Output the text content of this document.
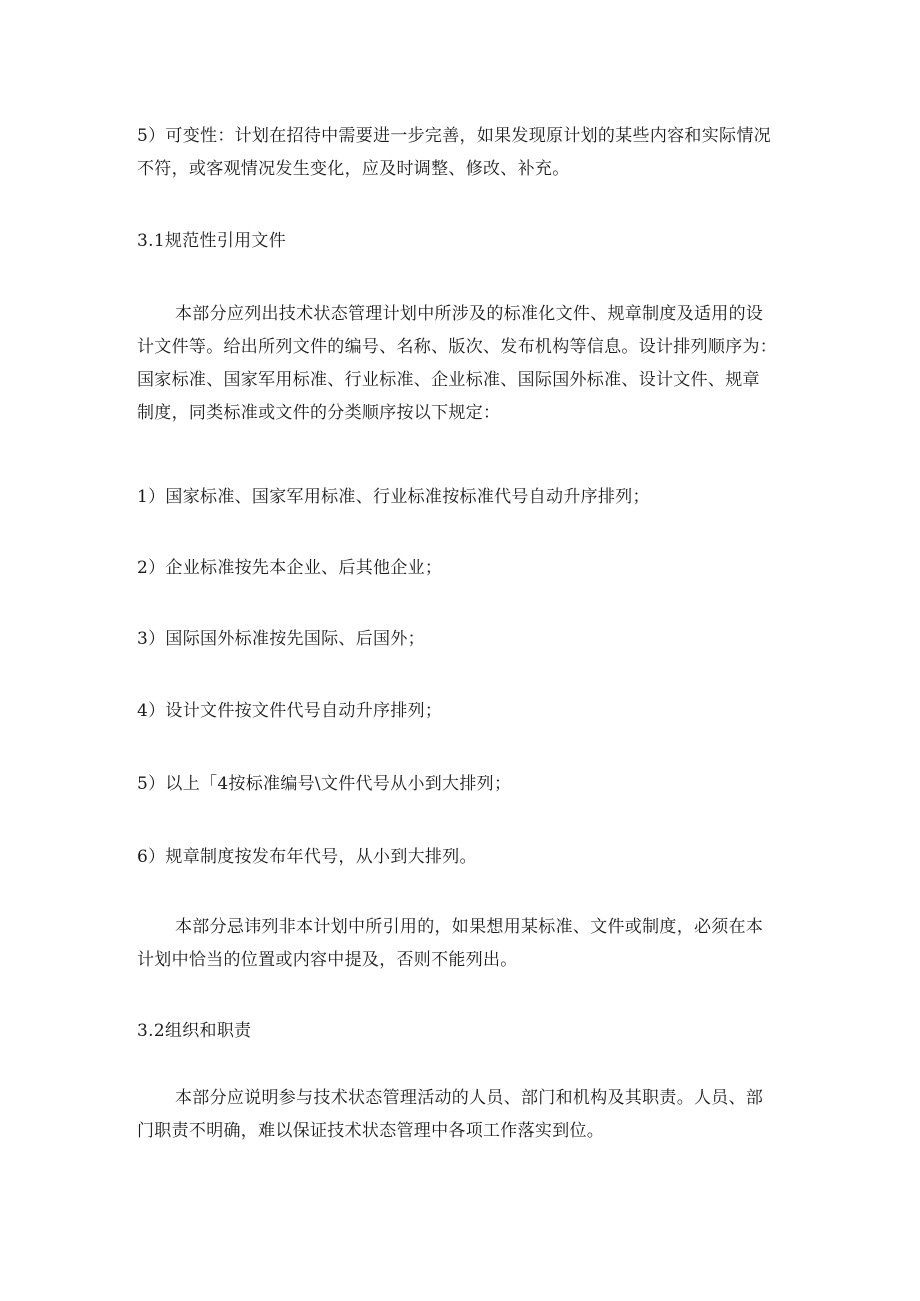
5）可变性：计划在招待中需要进一步完善，如果发现原计划的某些内容和实际情况
不符，或客观情况发生变化，应及时调整、修改、补充。

3.1规范性引用文件

本部分应列出技术状态管理计划中所涉及的标准化文件、规章制度及适用的设
计文件等。给出所列文件的编号、名称、版次、发布机构等信息。设计排列顺序为：
国家标准、国家军用标准、行业标准、企业标准、国际国外标准、设计文件、规章
制度，同类标准或文件的分类顺序按以下规定：

1）国家标准、国家军用标准、行业标准按标准代号自动升序排列；

2）企业标准按先本企业、后其他企业；

3）国际国外标准按先国际、后国外；

4）设计文件按文件代号自动升序排列；

5）以上「4按标准编号\文件代号从小到大排列；

6）规章制度按发布年代号，从小到大排列。

本部分忌讳列非本计划中所引用的，如果想用某标准、文件或制度，必须在本
计划中恰当的位置或内容中提及，否则不能列出。

3.2组织和职责

本部分应说明参与技术状态管理活动的人员、部门和机构及其职责。人员、部
门职责不明确，难以保证技术状态管理中各项工作落实到位。
